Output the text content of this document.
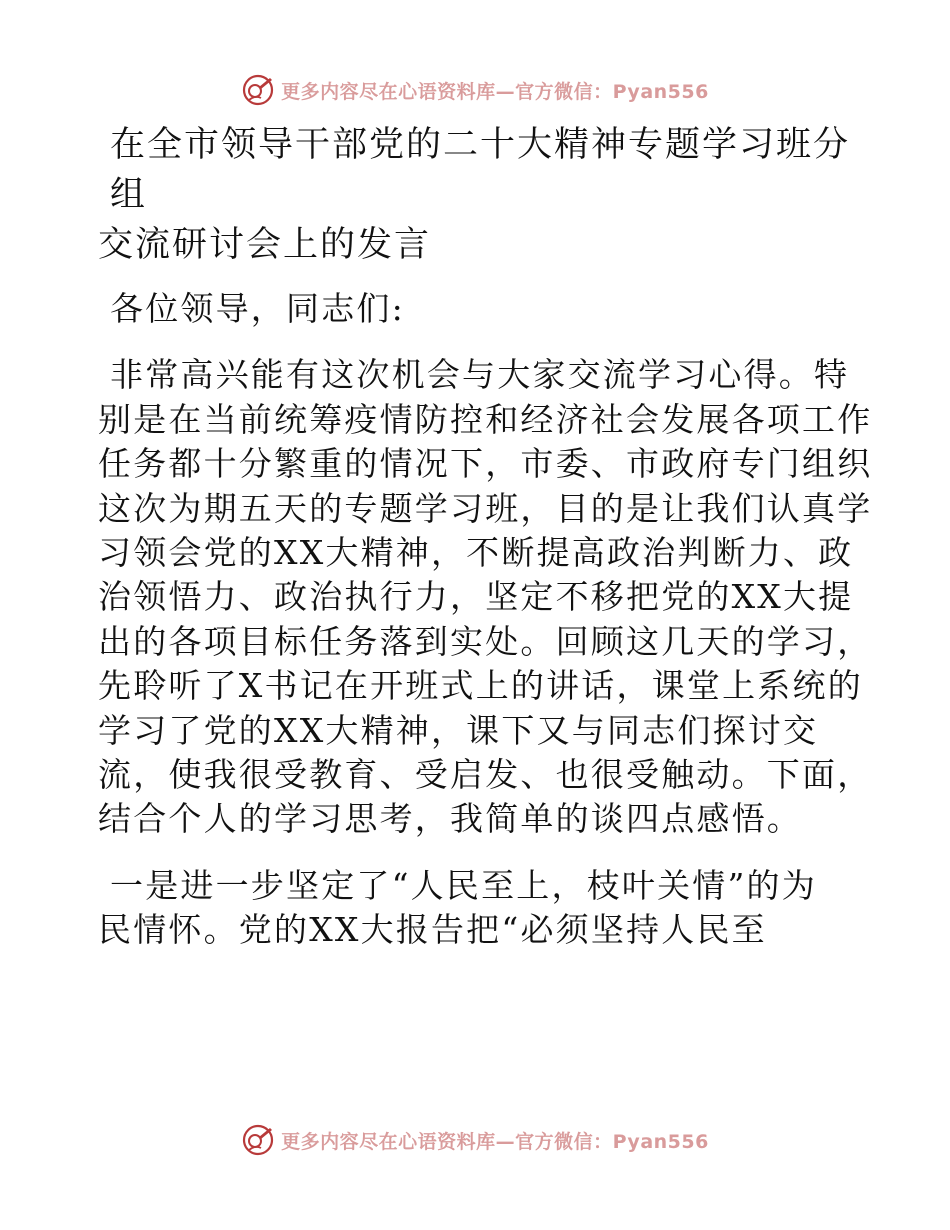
更多内容尽在心语资料库—官方微信：Pyan556
在全市领导干部党的二十大精神专题学习班分组
交流研讨会上的发言
各位领导，同志们:
非常高兴能有这次机会与大家交流学习心得。特
别是在当前统筹疫情防控和经济社会发展各项工作
任务都十分繁重的情况下，市委、市政府专门组织
这次为期五天的专题学习班，目的是让我们认真学
习领会党的XX大精神，不断提高政治判断力、政
治领悟力、政治执行力，坚定不移把党的XX大提
出的各项目标任务落到实处。回顾这几天的学习，
先聆听了X书记在开班式上的讲话，课堂上系统的
学习了党的XX大精神，课下又与同志们探讨交
流，使我很受教育、受启发、也很受触动。下面，
结合个人的学习思考，我简单的谈四点感悟。
一是进一步坚定了“人民至上，枝叶关情”的为
民情怀。党的XX大报告把“必须坚持人民至
更多内容尽在心语资料库—官方微信：Pyan556
